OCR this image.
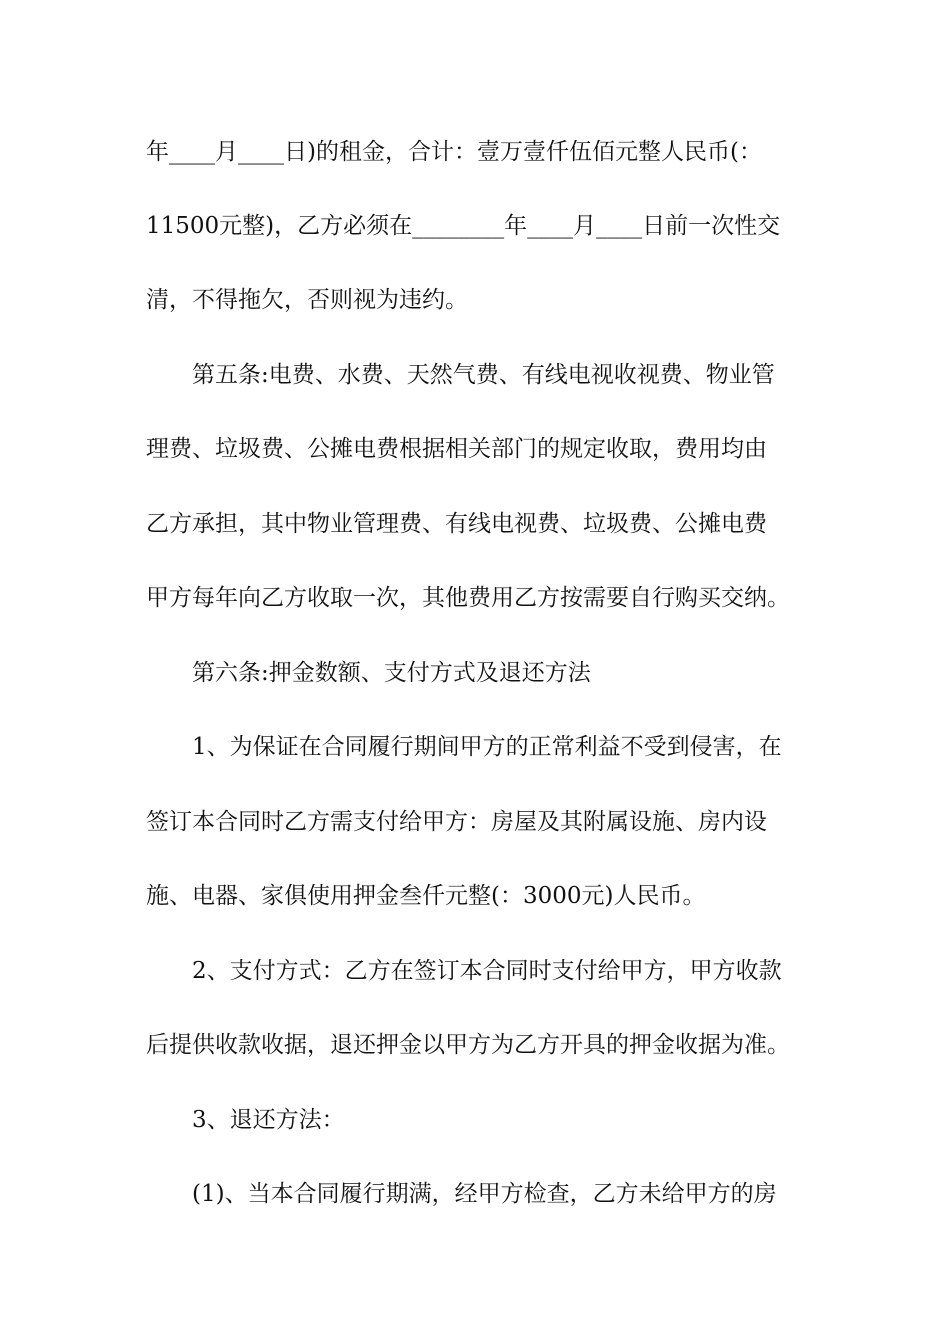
年____月____日)的租金，合计：壹万壹仟伍佰元整人民币(：
11500元整)，乙方必须在________年____月____日前一次性交
清，不得拖欠，否则视为违约。
第五条:电费、水费、天然气费、有线电视收视费、物业管
理费、垃圾费、公摊电费根据相关部门的规定收取，费用均由
乙方承担，其中物业管理费、有线电视费、垃圾费、公摊电费
甲方每年向乙方收取一次，其他费用乙方按需要自行购买交纳。
第六条:押金数额、支付方式及退还方法
1、为保证在合同履行期间甲方的正常利益不受到侵害，在
签订本合同时乙方需支付给甲方：房屋及其附属设施、房内设
施、电器、家俱使用押金叁仟元整(：3000元)人民币。
2、支付方式：乙方在签订本合同时支付给甲方，甲方收款
后提供收款收据，退还押金以甲方为乙方开具的押金收据为准。
3、退还方法：
(1)、当本合同履行期满，经甲方检查，乙方未给甲方的房
